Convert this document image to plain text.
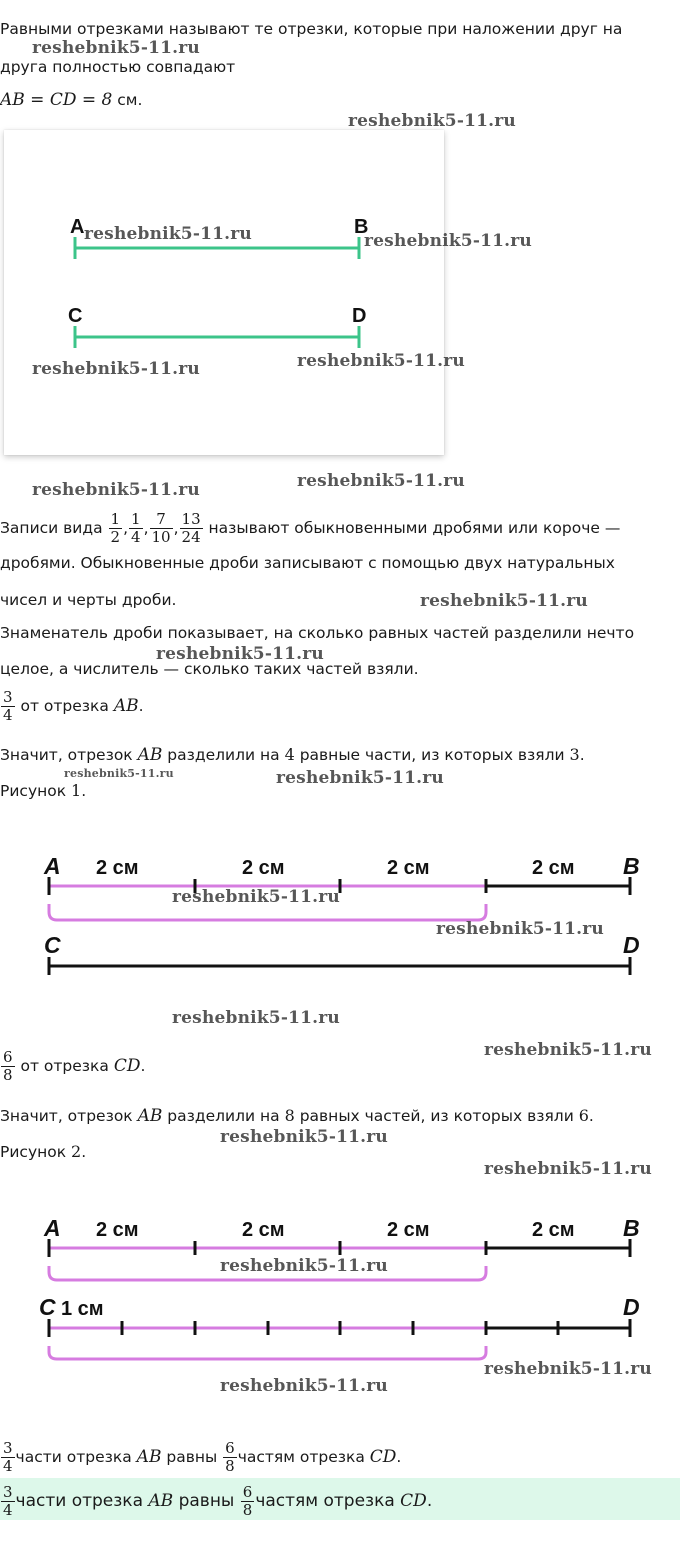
Равными отрезками называют те отрезки, которые при наложении друг на
друга полностью совпадают
AB = CD = 8 см.
A	B
C	D
Записи вида $\frac{1}{2}$ , $\frac{1}{4}$ , $\frac{7}{10}$ , $\frac{13}{24}$ называют обыкновенными дробями или короче —
дробями. Обыкновенные дроби записывают с помощью двух натуральных
чисел и черты дроби.
Знаменатель дроби показывает, на сколько равных частей разделили нечто
целое, а числитель — сколько таких частей взяли.
$\frac{3}{4}$ от отрезка AB.
Значит, отрезок AB разделили на 4 равные части, из которых взяли 3.
Рисунок 1.
A	B
2 см	2 см	2 см	2 см
C	D
$\frac{6}{8}$ от отрезка CD.
Значит, отрезок AB разделили на 8 равных частей, из которых взяли 6.
Рисунок 2.
A	B
2 см	2 см	2 см	2 см
C 1 см	D
$\frac{3}{4}$ части отрезка AB равны $\frac{6}{8}$ частям отрезка CD.
$\frac{3}{4}$ части отрезка AB равны $\frac{6}{8}$ частям отрезка CD.
reshebnik5-11.ru
reshebnik5-11.ru
reshebnik5-11.ru	reshebnik5-11.ru
reshebnik5-11.ru	reshebnik5-11.ru
reshebnik5-11.ru
reshebnik5-11.ru
reshebnik5-11.ru
reshebnik5-11.ru
reshebnik5-11.ru	reshebnik5-11.ru
reshebnik5-11.ru
reshebnik5-11.ru
reshebnik5-11.ru
reshebnik5-11.ru
reshebnik5-11.ru
reshebnik5-11.ru
reshebnik5-11.ru
reshebnik5-11.ru
reshebnik5-11.ru
